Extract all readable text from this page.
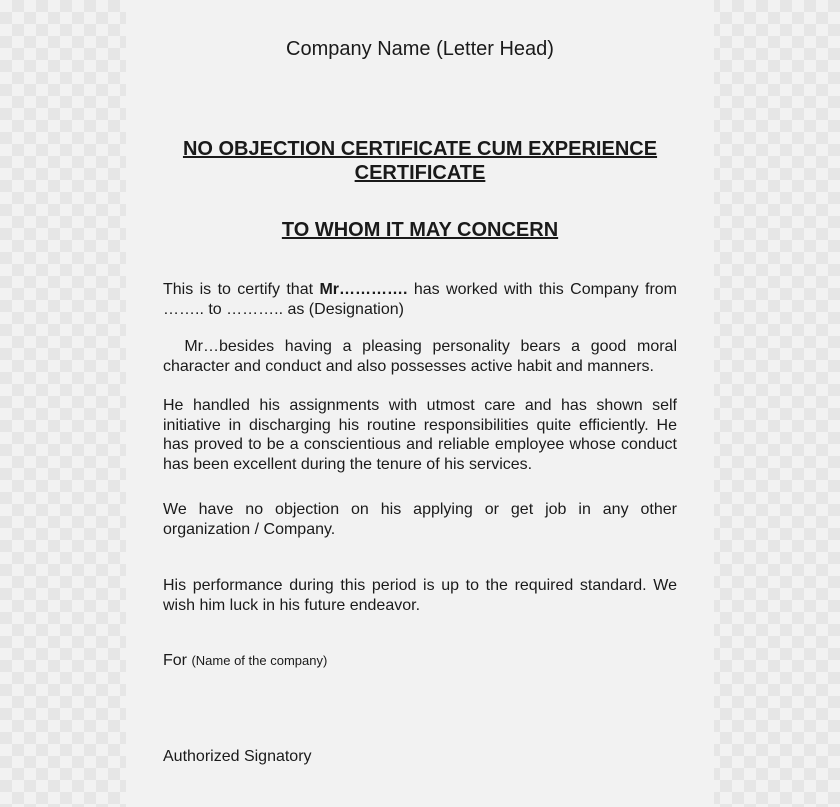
Company Name (Letter Head)
NO OBJECTION CERTIFICATE CUM EXPERIENCE
CERTIFICATE
TO WHOM IT MAY CONCERN
This is to certify that Mr…………. has worked with this Company from …….. to ……….. as (Designation)
Mr…besides having a pleasing personality bears a good moral character and conduct and also possesses active habit and manners.
He handled his assignments with utmost care and has shown self initiative in discharging his routine responsibilities quite efficiently. He has proved to be a conscientious and reliable employee whose conduct has been excellent during the tenure of his services.
We have no objection on his applying or get job in any other organization / Company.
His performance during this period is up to the required standard. We wish him luck in his future endeavor.
For (Name of the company)
Authorized Signatory
